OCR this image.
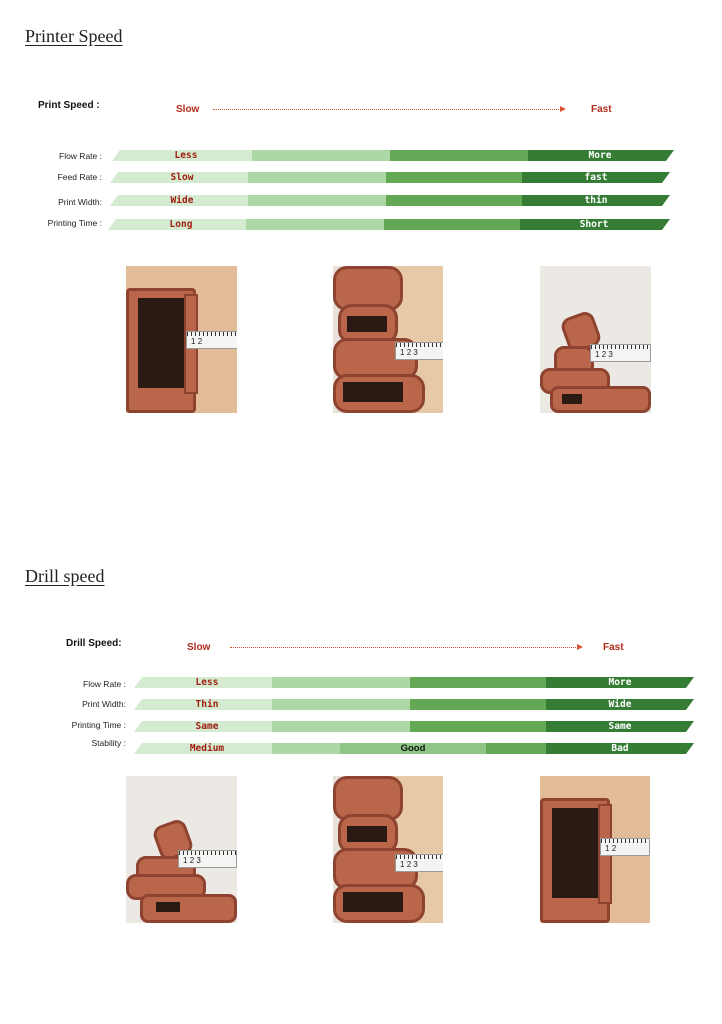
Printer Speed
Print Speed :	Slow	Fast
Flow Rate :	Less	More
Feed Rate :	Slow	fast
Print Width:	Wide	thin
Printing Time :	Long	Short
1 2
1 2 3	1 2 3
Drill speed
Drill Speed:	Slow	Fast
Flow Rate :	Less	More
Print Width:	Thin	Wide
Printing Time :	Same	Same
Stability :	Medium	Good	Bad
1 2 3	1 2 3
1 2
